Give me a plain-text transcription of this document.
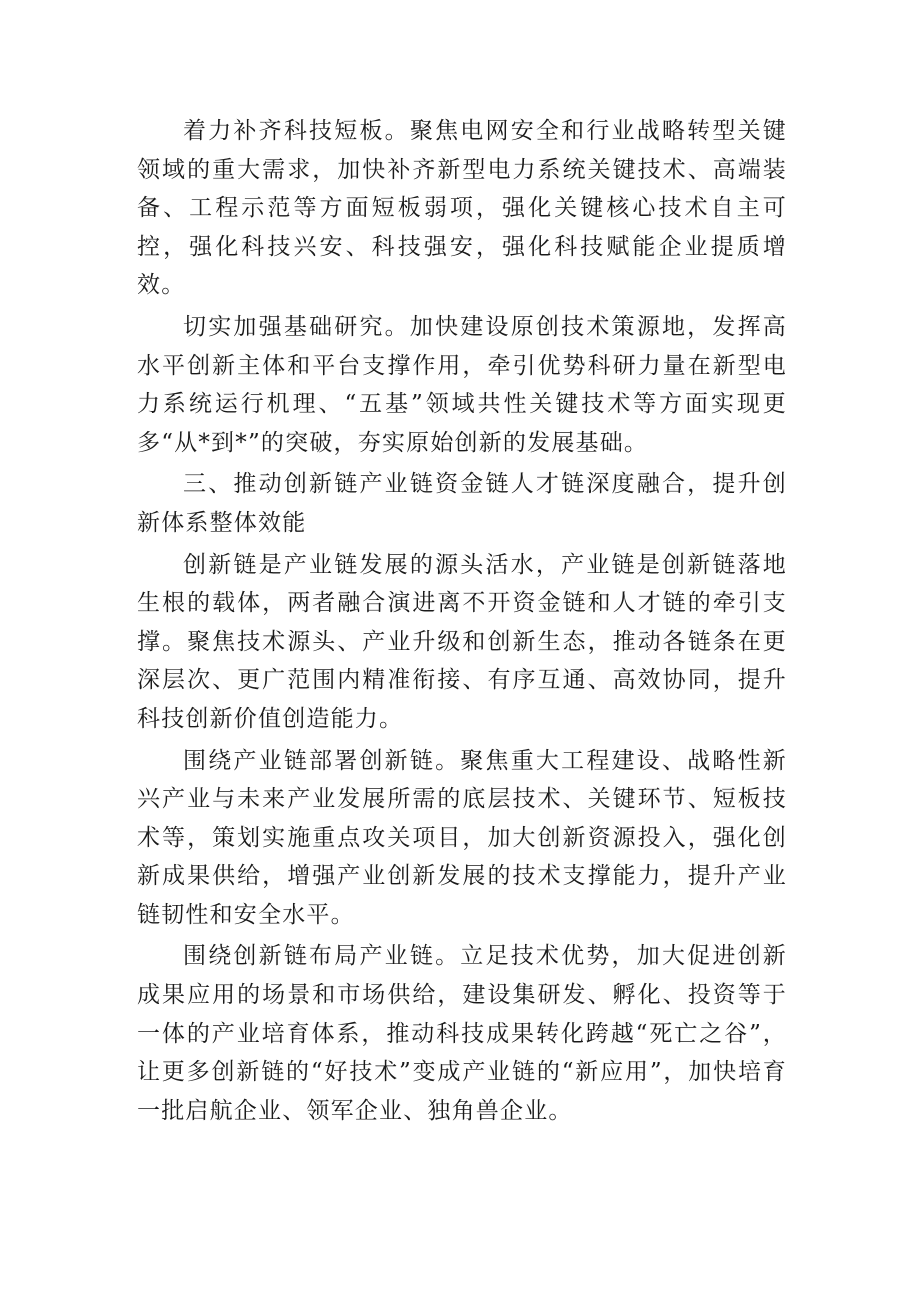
着力补齐科技短板。聚焦电网安全和行业战略转型关键领域的重大需求，加快补齐新型电力系统关键技术、高端装备、工程示范等方面短板弱项，强化关键核心技术自主可控，强化科技兴安、科技强安，强化科技赋能企业提质增效。

切实加强基础研究。加快建设原创技术策源地，发挥高水平创新主体和平台支撑作用，牵引优势科研力量在新型电力系统运行机理、“五基”领域共性关键技术等方面实现更多“从*到*”的突破，夯实原始创新的发展基础。

三、推动创新链产业链资金链人才链深度融合，提升创新体系整体效能

创新链是产业链发展的源头活水，产业链是创新链落地生根的载体，两者融合演进离不开资金链和人才链的牵引支撑。聚焦技术源头、产业升级和创新生态，推动各链条在更深层次、更广范围内精准衔接、有序互通、高效协同，提升科技创新价值创造能力。

围绕产业链部署创新链。聚焦重大工程建设、战略性新兴产业与未来产业发展所需的底层技术、关键环节、短板技术等，策划实施重点攻关项目，加大创新资源投入，强化创新成果供给，增强产业创新发展的技术支撑能力，提升产业链韧性和安全水平。

围绕创新链布局产业链。立足技术优势，加大促进创新成果应用的场景和市场供给，建设集研发、孵化、投资等于一体的产业培育体系，推动科技成果转化跨越“死亡之谷”，让更多创新链的“好技术”变成产业链的“新应用”，加快培育一批启航企业、领军企业、独角兽企业。
